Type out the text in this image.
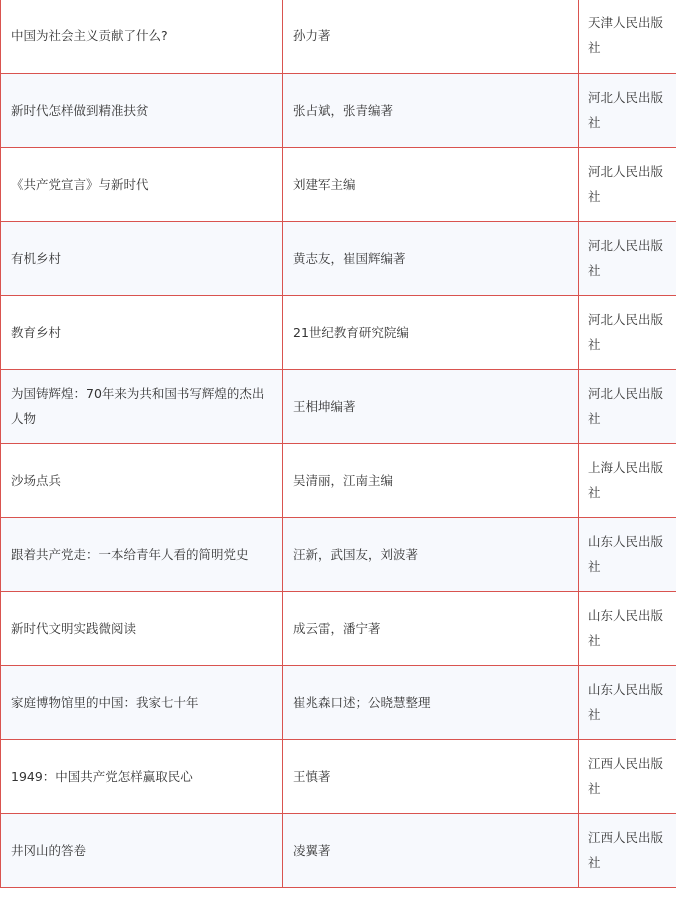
中国为社会主义贡献了什么?	孙力著	天津人民出版社
新时代怎样做到精准扶贫	张占斌，张青编著	河北人民出版社
《共产党宣言》与新时代	刘建军主编	河北人民出版社
有机乡村	黄志友，崔国辉编著	河北人民出版社
教育乡村	21世纪教育研究院编	河北人民出版社
为国铸辉煌：70年来为共和国书写辉煌的杰出人物	王相坤编著	河北人民出版社
沙场点兵	吴清丽，江南主编	上海人民出版社
跟着共产党走：一本给青年人看的简明党史	汪新，武国友，刘波著	山东人民出版社
新时代文明实践微阅读	成云雷，潘宁著	山东人民出版社
家庭博物馆里的中国：我家七十年	崔兆森口述；公晓慧整理	山东人民出版社
1949：中国共产党怎样赢取民心	王慎著	江西人民出版社
井冈山的答卷	凌翼著	江西人民出版社
